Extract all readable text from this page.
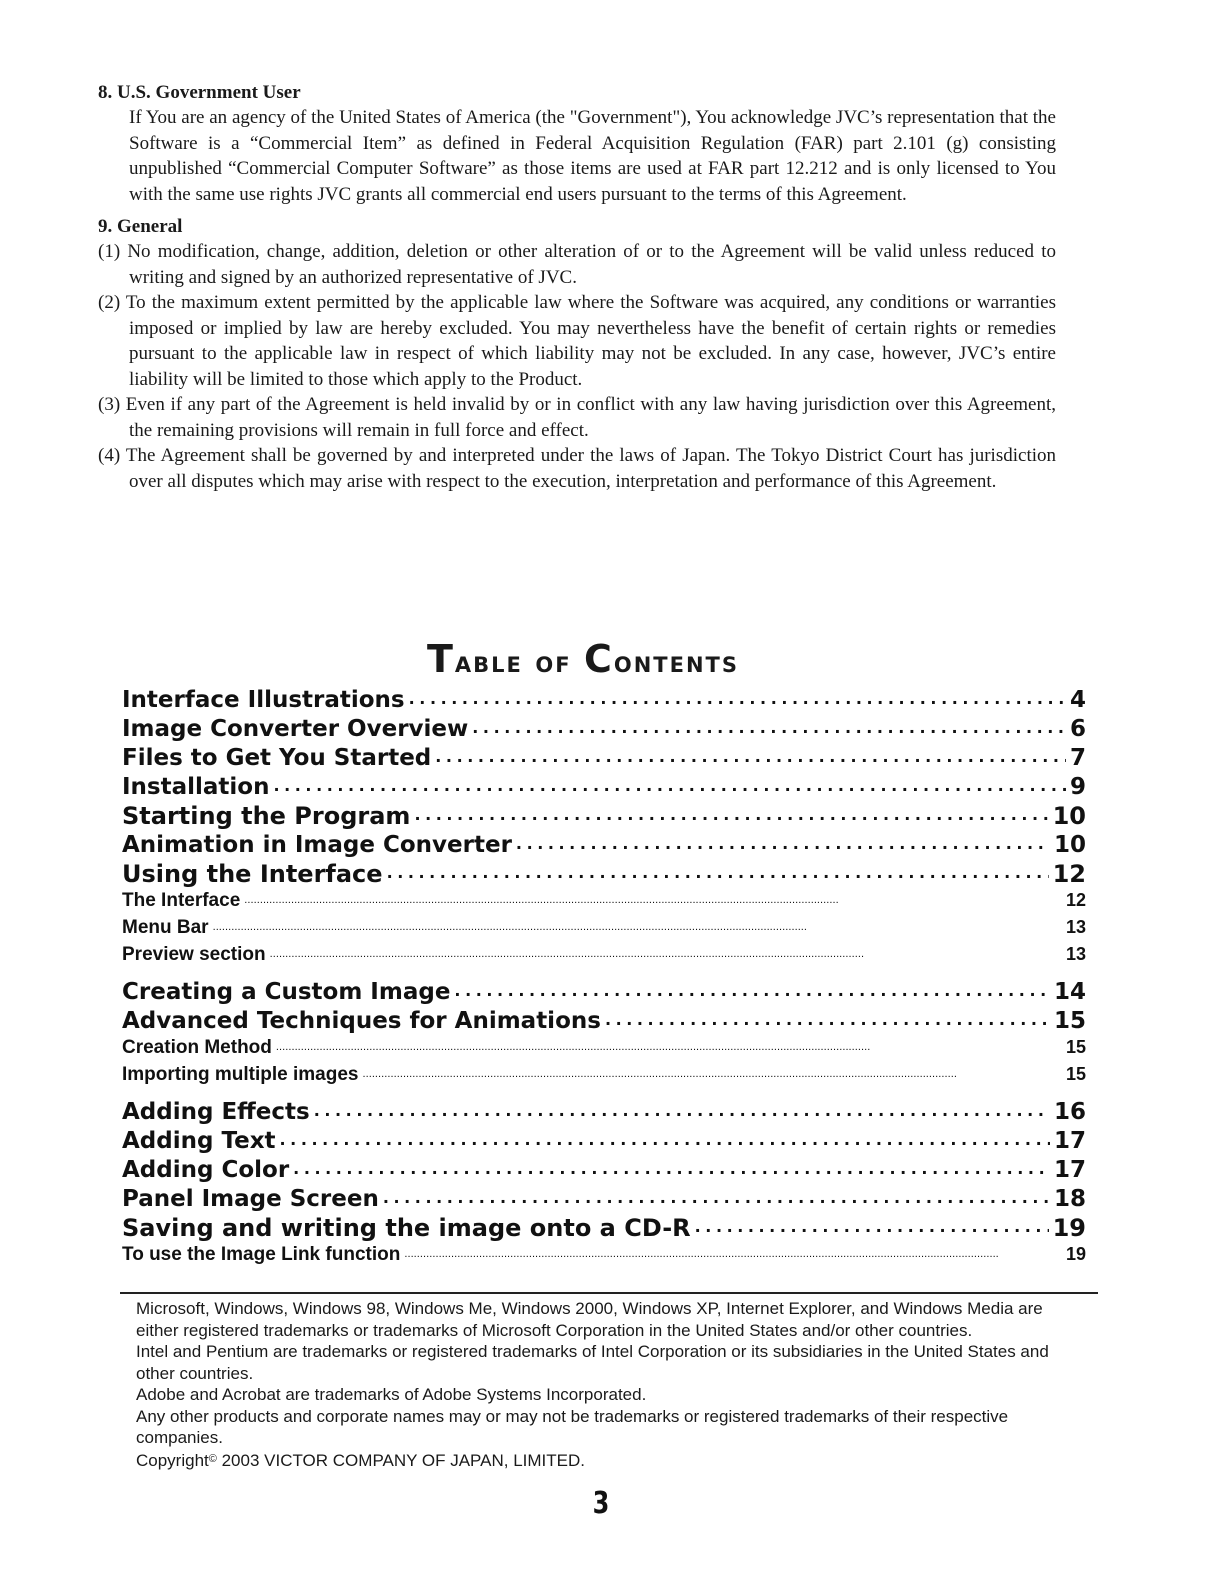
8. U.S. Government User

If You are an agency of the United States of America (the "Government"), You acknowledge JVC’s representation that the Software is a “Commercial Item” as defined in Federal Acquisition Regulation (FAR) part 2.101 (g) consisting unpublished “Commercial Computer Software” as those items are used at FAR part 12.212 and is only licensed to You with the same use rights JVC grants all commercial end users pursuant to the terms of this Agreement.

9. General
(1) No modification, change, addition, deletion or other alteration of or to the Agreement will be valid unless reduced to writing and signed by an authorized representative of JVC.
(2) To the maximum extent permitted by the applicable law where the Software was acquired, any conditions or warranties imposed or implied by law are hereby excluded. You may nevertheless have the benefit of certain rights or remedies pursuant to the applicable law in respect of which liability may not be excluded. In any case, however, JVC’s entire liability will be limited to those which apply to the Product.
(3) Even if any part of the Agreement is held invalid by or in conflict with any law having jurisdiction over this Agreement, the remaining provisions will remain in full force and effect.
(4) The Agreement shall be governed by and interpreted under the laws of Japan. The Tokyo District Court has jurisdiction over all disputes which may arise with respect to the execution, interpretation and performance of this Agreement.
Table of Contents
Interface Illustrations . . .	4
Image Converter Overview . . .	6
Files to Get You Started . . .	7
Installation . . .	9
Starting the Program . . .	10
Animation in Image Converter . . .	10
Using the Interface . . .	12
The Interface . . .	12
Menu Bar . . .	13
Preview section . . .	13
Creating a Custom Image . . .	14
Advanced Techniques for Animations . . .	15
Creation Method . . .	15
Importing multiple images . . .	15
Adding Effects . . .	16
Adding Text . . .	17
Adding Color . . .	17
Panel Image Screen . . .	18
Saving and writing the image onto a CD-R . . .	19
To use the Image Link function . . .	19

Microsoft, Windows, Windows 98, Windows Me, Windows 2000, Windows XP, Internet Explorer, and Windows Media are either registered trademarks or trademarks of Microsoft Corporation in the United States and/or other countries.

Intel and Pentium are trademarks or registered trademarks of Intel Corporation or its subsidiaries in the United States and other countries.

Adobe and Acrobat are trademarks of Adobe Systems Incorporated.

Any other products and corporate names may or may not be trademarks or registered trademarks of their respective companies.

Copyright© 2003 VICTOR COMPANY OF JAPAN, LIMITED.

3
